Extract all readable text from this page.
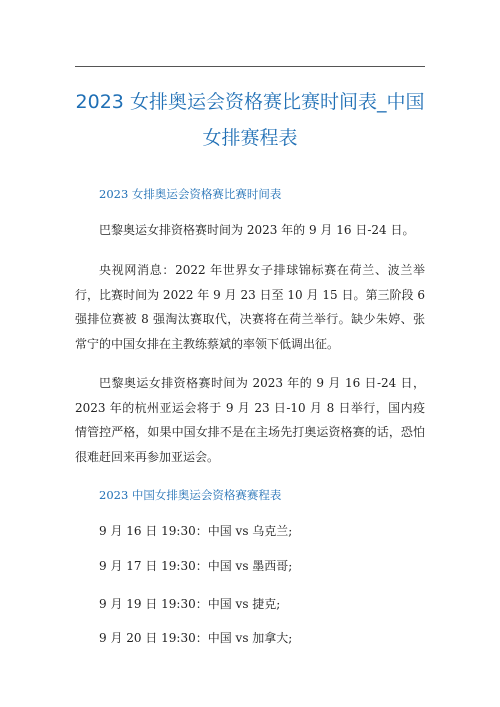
2023 女排奥运会资格赛比赛时间表_中国女排赛程表

2023 女排奥运会资格赛比赛时间表

巴黎奥运女排资格赛时间为 2023 年的 9 月 16 日-24 日。

央视网消息：2022 年世界女子排球锦标赛在荷兰、波兰举行，比赛时间为 2022 年 9 月 23 日至 10 月 15 日。第三阶段 6 强排位赛被 8 强淘汰赛取代，决赛将在荷兰举行。缺少朱婷、张常宁的中国女排在主教练蔡斌的率领下低调出征。

巴黎奥运女排资格赛时间为 2023 年的 9 月 16 日-24 日，2023 年的杭州亚运会将于 9 月 23 日-10 月 8 日举行，国内疫情管控严格，如果中国女排不是在主场先打奥运资格赛的话，恐怕很难赶回来再参加亚运会。

2023 中国女排奥运会资格赛赛程表

9 月 16 日 19:30：中国 vs 乌克兰;

9 月 17 日 19:30：中国 vs 墨西哥;

9 月 19 日 19:30：中国 vs 捷克;

9 月 20 日 19:30：中国 vs 加拿大;
